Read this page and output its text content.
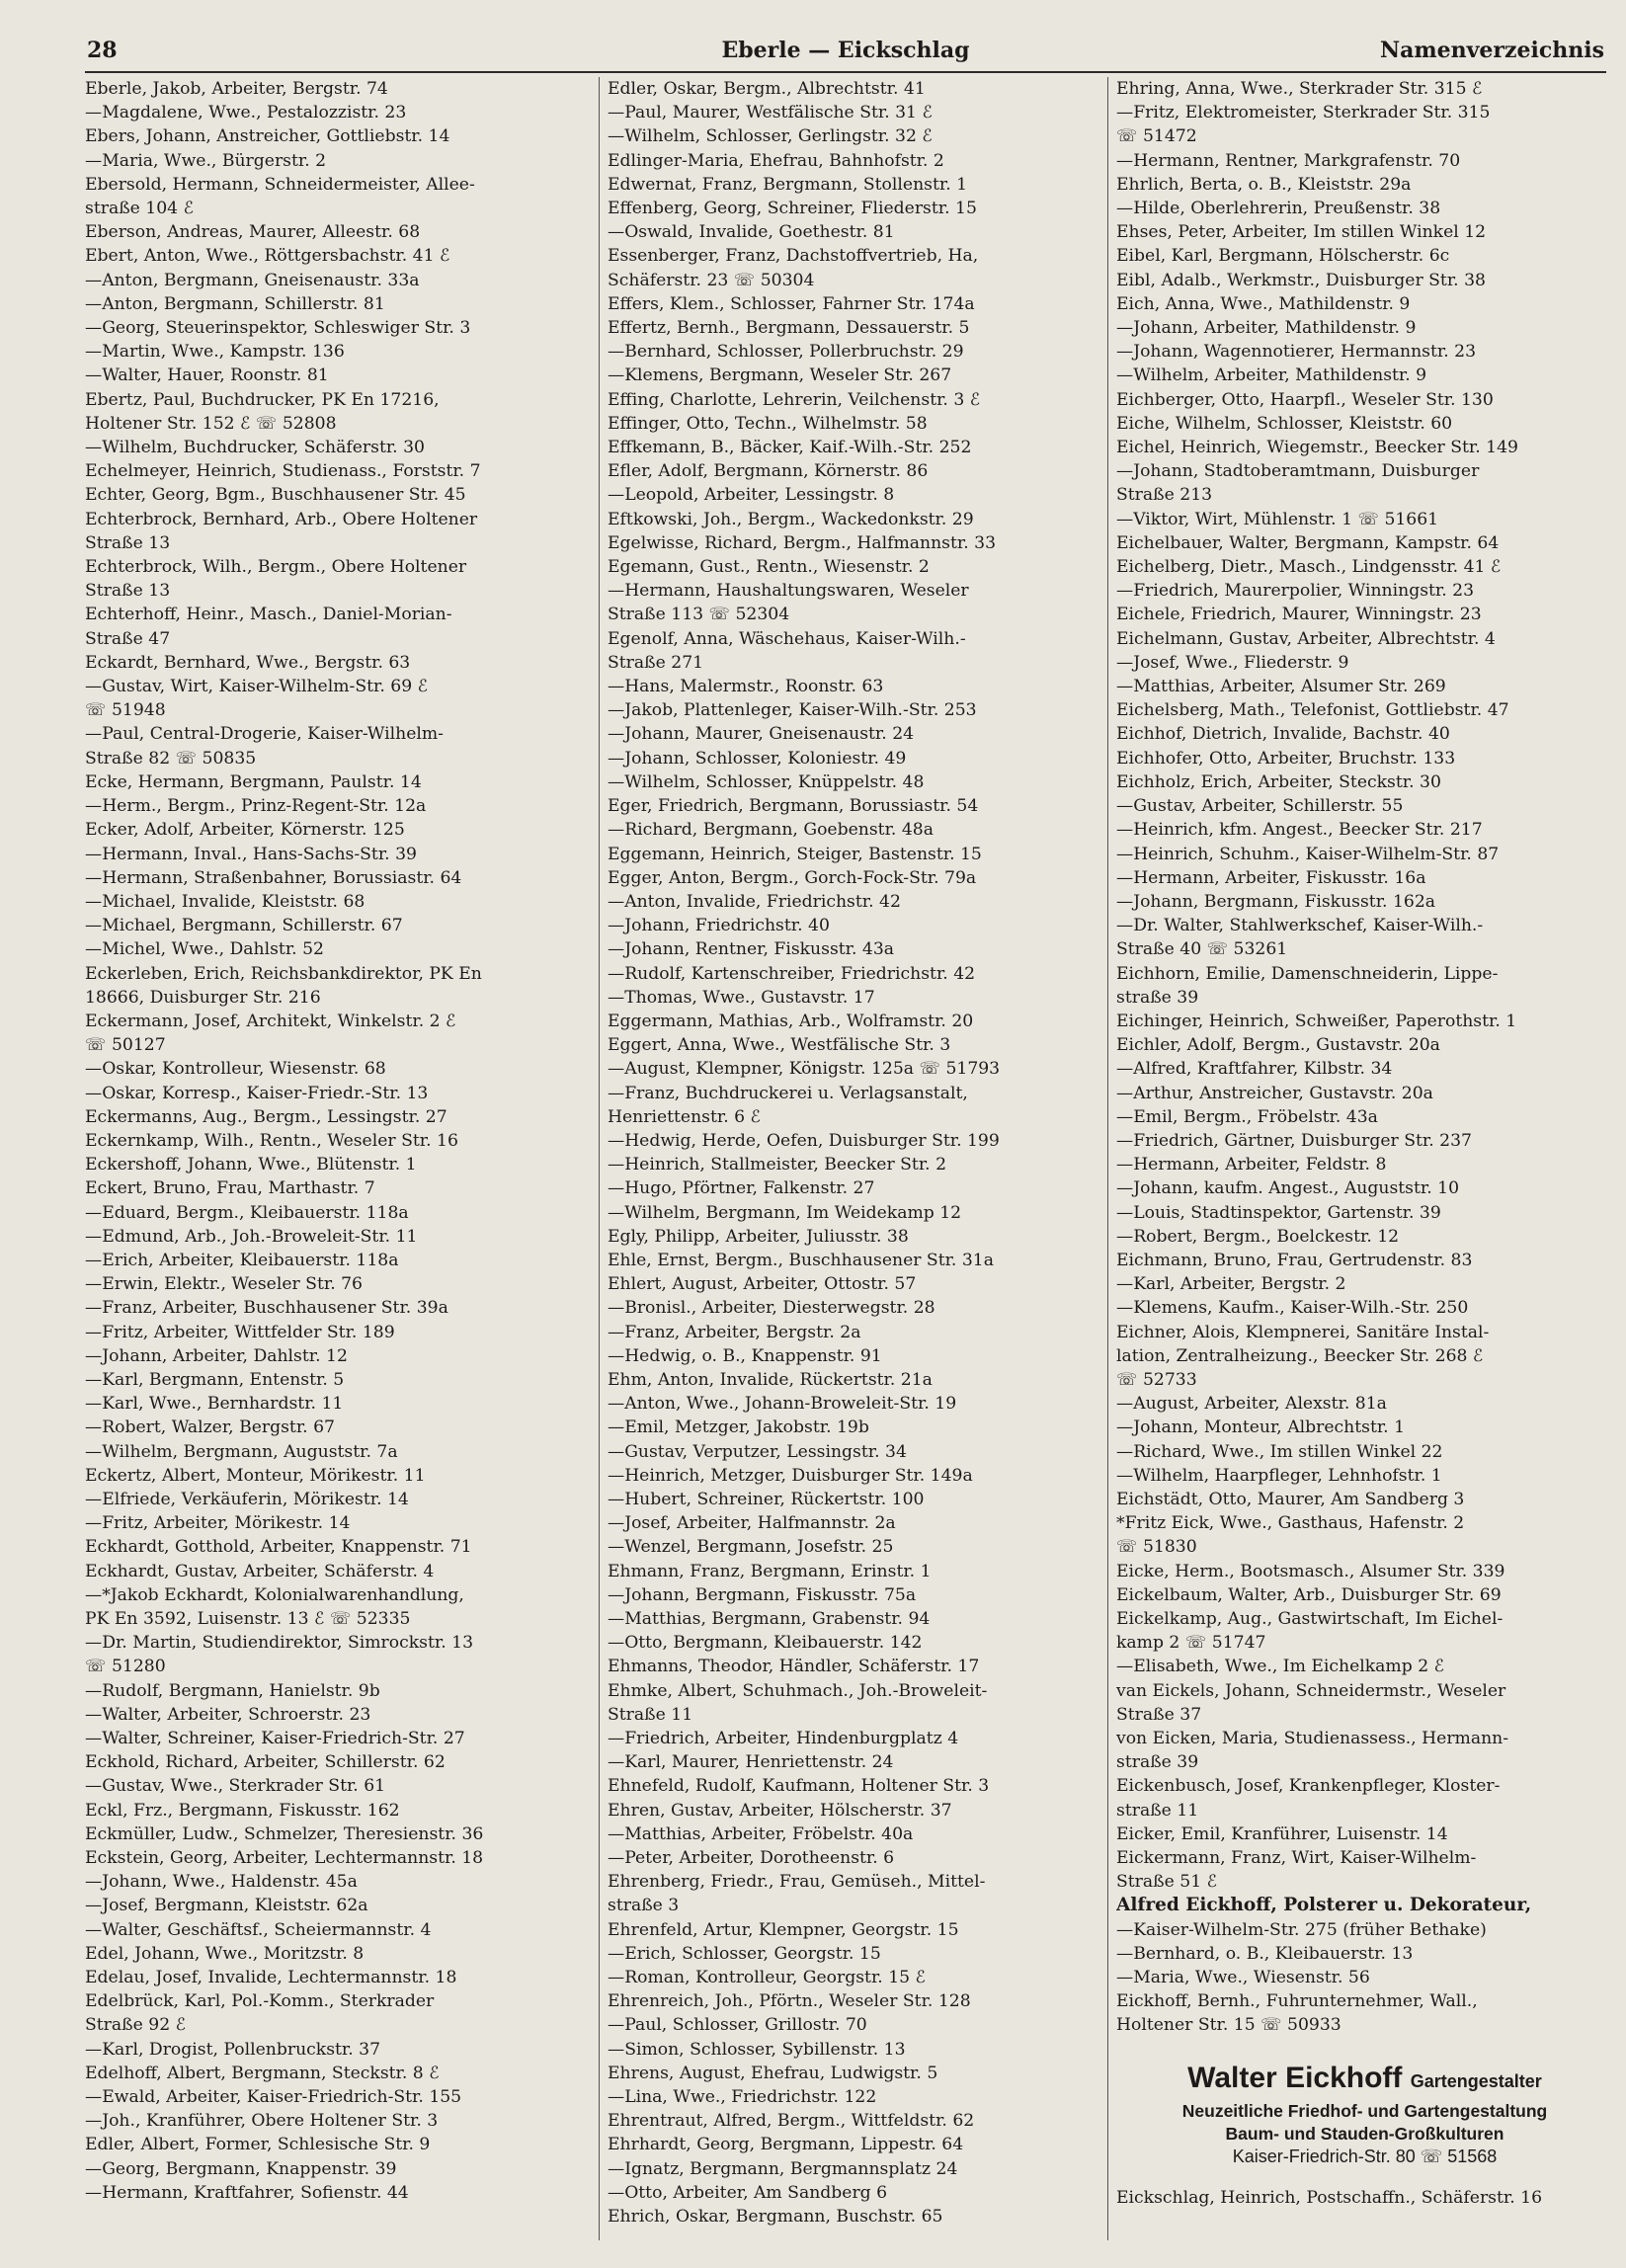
28	Eberle — Eickschlag	Namenverzeichnis
Eberle, Jakob, Arbeiter, Bergstr. 74
—Magdalene, Wwe., Pestalozzistr. 23
Ebers, Johann, Anstreicher, Gottliebstr. 14
—Maria, Wwe., Bürgerstr. 2
Ebersold, Hermann, Schneidermeister, Allee-
straße 104 ℰ
Eberson, Andreas, Maurer, Alleestr. 68
Ebert, Anton, Wwe., Röttgersbachstr. 41 ℰ
—Anton, Bergmann, Gneisenaustr. 33a
—Anton, Bergmann, Schillerstr. 81
—Georg, Steuerinspektor, Schleswiger Str. 3
—Martin, Wwe., Kampstr. 136
—Walter, Hauer, Roonstr. 81
Ebertz, Paul, Buchdrucker, PK En 17216,
Holtener Str. 152 ℰ ☏ 52808
—Wilhelm, Buchdrucker, Schäferstr. 30
Echelmeyer, Heinrich, Studienass., Forststr. 7
Echter, Georg, Bgm., Buschhausener Str. 45
Echterbrock, Bernhard, Arb., Obere Holtener
Straße 13
Echterbrock, Wilh., Bergm., Obere Holtener
Straße 13
Echterhoff, Heinr., Masch., Daniel-Morian-
Straße 47
Eckardt, Bernhard, Wwe., Bergstr. 63
—Gustav, Wirt, Kaiser-Wilhelm-Str. 69 ℰ
☏ 51948
—Paul, Central-Drogerie, Kaiser-Wilhelm-
Straße 82 ☏ 50835
Ecke, Hermann, Bergmann, Paulstr. 14
—Herm., Bergm., Prinz-Regent-Str. 12a
Ecker, Adolf, Arbeiter, Körnerstr. 125
—Hermann, Inval., Hans-Sachs-Str. 39
—Hermann, Straßenbahner, Borussiastr. 64
—Michael, Invalide, Kleiststr. 68
—Michael, Bergmann, Schillerstr. 67
—Michel, Wwe., Dahlstr. 52
Eckerleben, Erich, Reichsbankdirektor, PK En
18666, Duisburger Str. 216
Eckermann, Josef, Architekt, Winkelstr. 2 ℰ
☏ 50127
—Oskar, Kontrolleur, Wiesenstr. 68
—Oskar, Korresp., Kaiser-Friedr.-Str. 13
Eckermanns, Aug., Bergm., Lessingstr. 27
Eckernkamp, Wilh., Rentn., Weseler Str. 16
Eckershoff, Johann, Wwe., Blütenstr. 1
Eckert, Bruno, Frau, Marthastr. 7
—Eduard, Bergm., Kleibauerstr. 118a
—Edmund, Arb., Joh.-Broweleit-Str. 11
—Erich, Arbeiter, Kleibauerstr. 118a
—Erwin, Elektr., Weseler Str. 76
—Franz, Arbeiter, Buschhausener Str. 39a
—Fritz, Arbeiter, Wittfelder Str. 189
—Johann, Arbeiter, Dahlstr. 12
—Karl, Bergmann, Entenstr. 5
—Karl, Wwe., Bernhardstr. 11
—Robert, Walzer, Bergstr. 67
—Wilhelm, Bergmann, Auguststr. 7a
Eckertz, Albert, Monteur, Mörikestr. 11
—Elfriede, Verkäuferin, Mörikestr. 14
—Fritz, Arbeiter, Mörikestr. 14
Eckhardt, Gotthold, Arbeiter, Knappenstr. 71
Eckhardt, Gustav, Arbeiter, Schäferstr. 4
—*Jakob Eckhardt, Kolonialwarenhandlung,
PK En 3592, Luisenstr. 13 ℰ ☏ 52335
—Dr. Martin, Studiendirektor, Simrockstr. 13
☏ 51280
—Rudolf, Bergmann, Hanielstr. 9b
—Walter, Arbeiter, Schroerstr. 23
—Walter, Schreiner, Kaiser-Friedrich-Str. 27
Eckhold, Richard, Arbeiter, Schillerstr. 62
—Gustav, Wwe., Sterkrader Str. 61
Eckl, Frz., Bergmann, Fiskusstr. 162
Eckmüller, Ludw., Schmelzer, Theresienstr. 36
Eckstein, Georg, Arbeiter, Lechtermannstr. 18
—Johann, Wwe., Haldenstr. 45a
—Josef, Bergmann, Kleiststr. 62a
—Walter, Geschäftsf., Scheiermannstr. 4
Edel, Johann, Wwe., Moritzstr. 8
Edelau, Josef, Invalide, Lechtermannstr. 18
Edelbrück, Karl, Pol.-Komm., Sterkrader
Straße 92 ℰ
—Karl, Drogist, Pollenbruckstr. 37
Edelhoff, Albert, Bergmann, Steckstr. 8 ℰ
—Ewald, Arbeiter, Kaiser-Friedrich-Str. 155
—Joh., Kranführer, Obere Holtener Str. 3
Edler, Albert, Former, Schlesische Str. 9
—Georg, Bergmann, Knappenstr. 39
—Hermann, Kraftfahrer, Sofienstr. 44
Edler, Oskar, Bergm., Albrechtstr. 41
—Paul, Maurer, Westfälische Str. 31 ℰ
—Wilhelm, Schlosser, Gerlingstr. 32 ℰ
Edlinger-Maria, Ehefrau, Bahnhofstr. 2
Edwernat, Franz, Bergmann, Stollenstr. 1
Effenberg, Georg, Schreiner, Fliederstr. 15
—Oswald, Invalide, Goethestr. 81
Essenberger, Franz, Dachstoffvertrieb, Ha,
Schäferstr. 23 ☏ 50304
Effers, Klem., Schlosser, Fahrner Str. 174a
Effertz, Bernh., Bergmann, Dessauerstr. 5
—Bernhard, Schlosser, Pollerbruchstr. 29
—Klemens, Bergmann, Weseler Str. 267
Effing, Charlotte, Lehrerin, Veilchenstr. 3 ℰ
Effinger, Otto, Techn., Wilhelmstr. 58
Effkemann, B., Bäcker, Kaif.-Wilh.-Str. 252
Efler, Adolf, Bergmann, Körnerstr. 86
—Leopold, Arbeiter, Lessingstr. 8
Eftkowski, Joh., Bergm., Wackedonkstr. 29
Egelwisse, Richard, Bergm., Halfmannstr. 33
Egemann, Gust., Rentn., Wiesenstr. 2
—Hermann, Haushaltungswaren, Weseler
Straße 113 ☏ 52304
Egenolf, Anna, Wäschehaus, Kaiser-Wilh.-
Straße 271
—Hans, Malermstr., Roonstr. 63
—Jakob, Plattenleger, Kaiser-Wilh.-Str. 253
—Johann, Maurer, Gneisenaustr. 24
—Johann, Schlosser, Koloniestr. 49
—Wilhelm, Schlosser, Knüppelstr. 48
Eger, Friedrich, Bergmann, Borussiastr. 54
—Richard, Bergmann, Goebenstr. 48a
Eggemann, Heinrich, Steiger, Bastenstr. 15
Egger, Anton, Bergm., Gorch-Fock-Str. 79a
—Anton, Invalide, Friedrichstr. 42
—Johann, Friedrichstr. 40
—Johann, Rentner, Fiskusstr. 43a
—Rudolf, Kartenschreiber, Friedrichstr. 42
—Thomas, Wwe., Gustavstr. 17
Eggermann, Mathias, Arb., Wolframstr. 20
Eggert, Anna, Wwe., Westfälische Str. 3
—August, Klempner, Königstr. 125a ☏ 51793
—Franz, Buchdruckerei u. Verlagsanstalt,
Henriettenstr. 6 ℰ
—Hedwig, Herde, Oefen, Duisburger Str. 199
—Heinrich, Stallmeister, Beecker Str. 2
—Hugo, Pförtner, Falkenstr. 27
—Wilhelm, Bergmann, Im Weidekamp 12
Egly, Philipp, Arbeiter, Juliusstr. 38
Ehle, Ernst, Bergm., Buschhausener Str. 31a
Ehlert, August, Arbeiter, Ottostr. 57
—Bronisl., Arbeiter, Diesterwegstr. 28
—Franz, Arbeiter, Bergstr. 2a
—Hedwig, o. B., Knappenstr. 91
Ehm, Anton, Invalide, Rückertstr. 21a
—Anton, Wwe., Johann-Broweleit-Str. 19
—Emil, Metzger, Jakobstr. 19b
—Gustav, Verputzer, Lessingstr. 34
—Heinrich, Metzger, Duisburger Str. 149a
—Hubert, Schreiner, Rückertstr. 100
—Josef, Arbeiter, Halfmannstr. 2a
—Wenzel, Bergmann, Josefstr. 25
Ehmann, Franz, Bergmann, Erinstr. 1
—Johann, Bergmann, Fiskusstr. 75a
—Matthias, Bergmann, Grabenstr. 94
—Otto, Bergmann, Kleibauerstr. 142
Ehmanns, Theodor, Händler, Schäferstr. 17
Ehmke, Albert, Schuhmach., Joh.-Broweleit-
Straße 11
—Friedrich, Arbeiter, Hindenburgplatz 4
—Karl, Maurer, Henriettenstr. 24
Ehnefeld, Rudolf, Kaufmann, Holtener Str. 3
Ehren, Gustav, Arbeiter, Hölscherstr. 37
—Matthias, Arbeiter, Fröbelstr. 40a
—Peter, Arbeiter, Dorotheenstr. 6
Ehrenberg, Friedr., Frau, Gemüseh., Mittel-
straße 3
Ehrenfeld, Artur, Klempner, Georgstr. 15
—Erich, Schlosser, Georgstr. 15
—Roman, Kontrolleur, Georgstr. 15 ℰ
Ehrenreich, Joh., Pförtn., Weseler Str. 128
—Paul, Schlosser, Grillostr. 70
—Simon, Schlosser, Sybillenstr. 13
Ehrens, August, Ehefrau, Ludwigstr. 5
—Lina, Wwe., Friedrichstr. 122
Ehrentraut, Alfred, Bergm., Wittfeldstr. 62
Ehrhardt, Georg, Bergmann, Lippestr. 64
—Ignatz, Bergmann, Bergmannsplatz 24
—Otto, Arbeiter, Am Sandberg 6
Ehrich, Oskar, Bergmann, Buschstr. 65
Ehring, Anna, Wwe., Sterkrader Str. 315 ℰ
—Fritz, Elektromeister, Sterkrader Str. 315
☏ 51472
—Hermann, Rentner, Markgrafenstr. 70
Ehrlich, Berta, o. B., Kleiststr. 29a
—Hilde, Oberlehrerin, Preußenstr. 38
Ehses, Peter, Arbeiter, Im stillen Winkel 12
Eibel, Karl, Bergmann, Hölscherstr. 6c
Eibl, Adalb., Werkmstr., Duisburger Str. 38
Eich, Anna, Wwe., Mathildenstr. 9
—Johann, Arbeiter, Mathildenstr. 9
—Johann, Wagennotierer, Hermannstr. 23
—Wilhelm, Arbeiter, Mathildenstr. 9
Eichberger, Otto, Haarpfl., Weseler Str. 130
Eiche, Wilhelm, Schlosser, Kleiststr. 60
Eichel, Heinrich, Wiegemstr., Beecker Str. 149
—Johann, Stadtoberamtmann, Duisburger
Straße 213
—Viktor, Wirt, Mühlenstr. 1 ☏ 51661
Eichelbauer, Walter, Bergmann, Kampstr. 64
Eichelberg, Dietr., Masch., Lindgensstr. 41 ℰ
—Friedrich, Maurerpolier, Winningstr. 23
Eichele, Friedrich, Maurer, Winningstr. 23
Eichelmann, Gustav, Arbeiter, Albrechtstr. 4
—Josef, Wwe., Fliederstr. 9
—Matthias, Arbeiter, Alsumer Str. 269
Eichelsberg, Math., Telefonist, Gottliebstr. 47
Eichhof, Dietrich, Invalide, Bachstr. 40
Eichhofer, Otto, Arbeiter, Bruchstr. 133
Eichholz, Erich, Arbeiter, Steckstr. 30
—Gustav, Arbeiter, Schillerstr. 55
—Heinrich, kfm. Angest., Beecker Str. 217
—Heinrich, Schuhm., Kaiser-Wilhelm-Str. 87
—Hermann, Arbeiter, Fiskusstr. 16a
—Johann, Bergmann, Fiskusstr. 162a
—Dr. Walter, Stahlwerkschef, Kaiser-Wilh.-
Straße 40 ☏ 53261
Eichhorn, Emilie, Damenschneiderin, Lippe-
straße 39
Eichinger, Heinrich, Schweißer, Paperothstr. 1
Eichler, Adolf, Bergm., Gustavstr. 20a
—Alfred, Kraftfahrer, Kilbstr. 34
—Arthur, Anstreicher, Gustavstr. 20a
—Emil, Bergm., Fröbelstr. 43a
—Friedrich, Gärtner, Duisburger Str. 237
—Hermann, Arbeiter, Feldstr. 8
—Johann, kaufm. Angest., Auguststr. 10
—Louis, Stadtinspektor, Gartenstr. 39
—Robert, Bergm., Boelckestr. 12
Eichmann, Bruno, Frau, Gertrudenstr. 83
—Karl, Arbeiter, Bergstr. 2
—Klemens, Kaufm., Kaiser-Wilh.-Str. 250
Eichner, Alois, Klempnerei, Sanitäre Instal-
lation, Zentralheizung., Beecker Str. 268 ℰ
☏ 52733
—August, Arbeiter, Alexstr. 81a
—Johann, Monteur, Albrechtstr. 1
—Richard, Wwe., Im stillen Winkel 22
—Wilhelm, Haarpfleger, Lehnhofstr. 1
Eichstädt, Otto, Maurer, Am Sandberg 3
*Fritz Eick, Wwe., Gasthaus, Hafenstr. 2
☏ 51830
Eicke, Herm., Bootsmasch., Alsumer Str. 339
Eickelbaum, Walter, Arb., Duisburger Str. 69
Eickelkamp, Aug., Gastwirtschaft, Im Eichel-
kamp 2 ☏ 51747
—Elisabeth, Wwe., Im Eichelkamp 2 ℰ
van Eickels, Johann, Schneidermstr., Weseler
Straße 37
von Eicken, Maria, Studienassess., Hermann-
straße 39
Eickenbusch, Josef, Krankenpfleger, Kloster-
straße 11
Eicker, Emil, Kranführer, Luisenstr. 14
Eickermann, Franz, Wirt, Kaiser-Wilhelm-
Straße 51 ℰ
Alfred Eickhoff, Polsterer u. Dekorateur,
—Kaiser-Wilhelm-Str. 275 (früher Bethake)
—Bernhard, o. B., Kleibauerstr. 13
—Maria, Wwe., Wiesenstr. 56
Eickhoff, Bernh., Fuhrunternehmer, Wall.,
Holtener Str. 15 ☏ 50933
Walter Eickhoff Gartengestalter
Neuzeitliche Friedhof- und Gartengestaltung
Baum- und Stauden-Großkulturen
Kaiser-Friedrich-Str. 80 ☏ 51568
Eickschlag, Heinrich, Postschaffn., Schäferstr. 16
